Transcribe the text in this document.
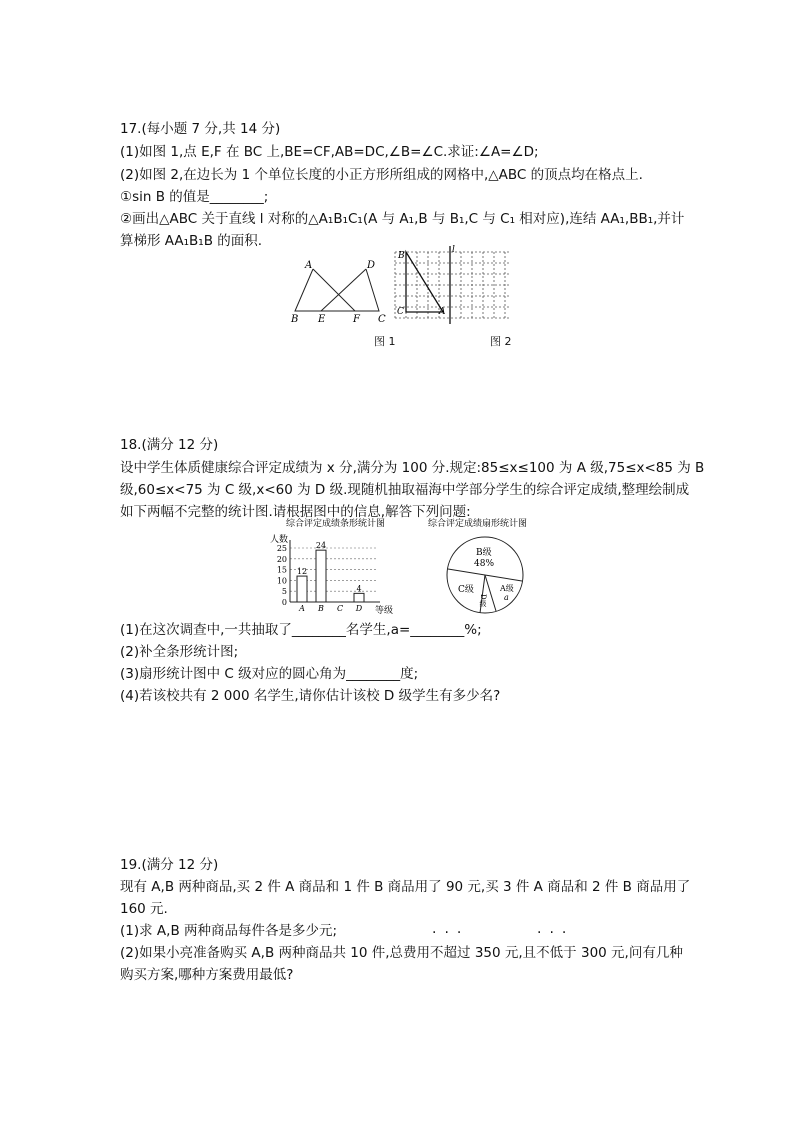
17.(每小题 7 分,共 14 分)
(1)如图 1,点 E,F 在 BC 上,BE=CF,AB=DC,∠B=∠C.求证:∠A=∠D;
(2)如图 2,在边长为 1 个单位长度的小正方形所组成的网格中,△ABC 的顶点均在格点上.
①sin B 的值是________;
②画出△ABC 关于直线 l 对称的△A₁B₁C₁(A 与 A₁,B 与 B₁,C 与 C₁ 相对应),连结 AA₁,BB₁,并计
算梯形 AA₁B₁B 的面积.
A	D
B E	F C
图 1
B
C	A
l
图 2
18.(满分 12 分)
设中学生体质健康综合评定成绩为 x 分,满分为 100 分.规定:85≤x≤100 为 A 级,75≤x<85 为 B
级,60≤x<75 为 C 级,x<60 为 D 级.现随机抽取福海中学部分学生的综合评定成绩,整理绘制成
如下两幅不完整的统计图.请根据图中的信息,解答下列问题:
综合评定成绩条形统计图
人数
等级
0
5
10
15
20
25
12
A
24
B C
4
D
综合评定成绩扇形统计图
B级
48%
A级
a
C级
D级
(1)在这次调查中,一共抽取了________名学生,a=________%;
(2)补全条形统计图;
(3)扇形统计图中 C 级对应的圆心角为________度;
(4)若该校共有 2 000 名学生,请你估计该校 D 级学生有多少名?
19.(满分 12 分)
现有 A,B 两种商品,买 2 件 A 商品和 1 件 B 商品用了 90 元,买 3 件 A 商品和 2 件 B 商品用了
160 元.
(1)求 A,B 两种商品每件各是多少元;	···	···
(2)如果小亮准备购买 A,B 两种商品共 10 件,总费用不超过 350 元,且不低于 300 元,问有几种
购买方案,哪种方案费用最低?
